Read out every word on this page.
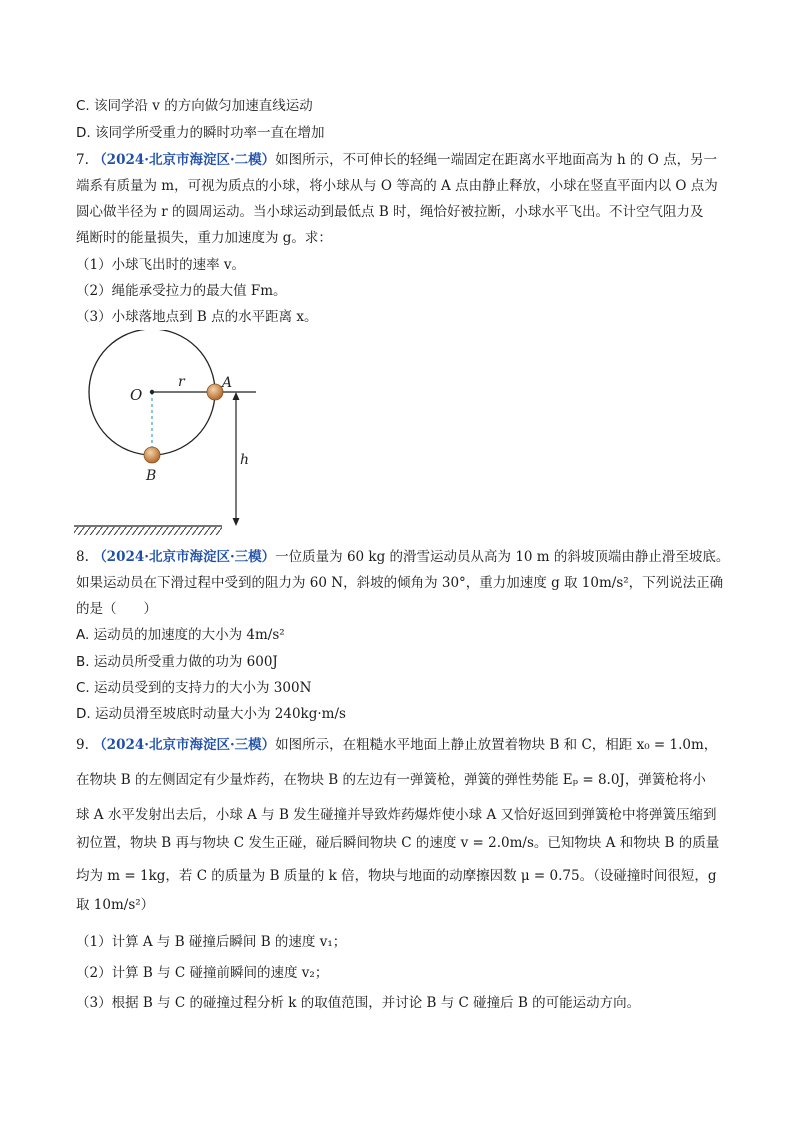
C. 该同学沿 v 的方向做匀加速直线运动
D. 该同学所受重力的瞬时功率一直在增加
7. （2024·北京市海淀区·二模）如图所示，不可伸长的轻绳一端固定在距离水平地面高为 h 的 O 点，另一
端系有质量为 m，可视为质点的小球，将小球从与 O 等高的 A 点由静止释放，小球在竖直平面内以 O 点为
圆心做半径为 r 的圆周运动。当小球运动到最低点 B 时，绳恰好被拉断，小球水平飞出。不计空气阻力及
绳断时的能量损失，重力加速度为 g。求：
（1）小球飞出时的速率 v。
（2）绳能承受拉力的最大值 Fm。
（3）小球落地点到 B 点的水平距离 x。
O
r	A
B
h
8. （2024·北京市海淀区·三模）一位质量为 60 kg 的滑雪运动员从高为 10 m 的斜坡顶端由静止滑至坡底。
如果运动员在下滑过程中受到的阻力为 60 N，斜坡的倾角为 30°，重力加速度 g 取 10m/s²，下列说法正确
的是（　　）
A. 运动员的加速度的大小为 4m/s²
B. 运动员所受重力做的功为 600J
C. 运动员受到的支持力的大小为 300N
D. 运动员滑至坡底时动量大小为 240kg·m/s
9. （2024·北京市海淀区·三模）如图所示，在粗糙水平地面上静止放置着物块 B 和 C，相距 x₀ = 1.0m，
在物块 B 的左侧固定有少量炸药，在物块 B 的左边有一弹簧枪，弹簧的弹性势能 Eₚ = 8.0J，弹簧枪将小
球 A 水平发射出去后，小球 A 与 B 发生碰撞并导致炸药爆炸使小球 A 又恰好返回到弹簧枪中将弹簧压缩到
初位置，物块 B 再与物块 C 发生正碰，碰后瞬间物块 C 的速度 v = 2.0m/s。已知物块 A 和物块 B 的质量
均为 m = 1kg，若 C 的质量为 B 质量的 k 倍，物块与地面的动摩擦因数 μ = 0.75。（设碰撞时间很短，g
取 10m/s²）
（1）计算 A 与 B 碰撞后瞬间 B 的速度 v₁；
（2）计算 B 与 C 碰撞前瞬间的速度 v₂；
（3）根据 B 与 C 的碰撞过程分析 k 的取值范围，并讨论 B 与 C 碰撞后 B 的可能运动方向。
